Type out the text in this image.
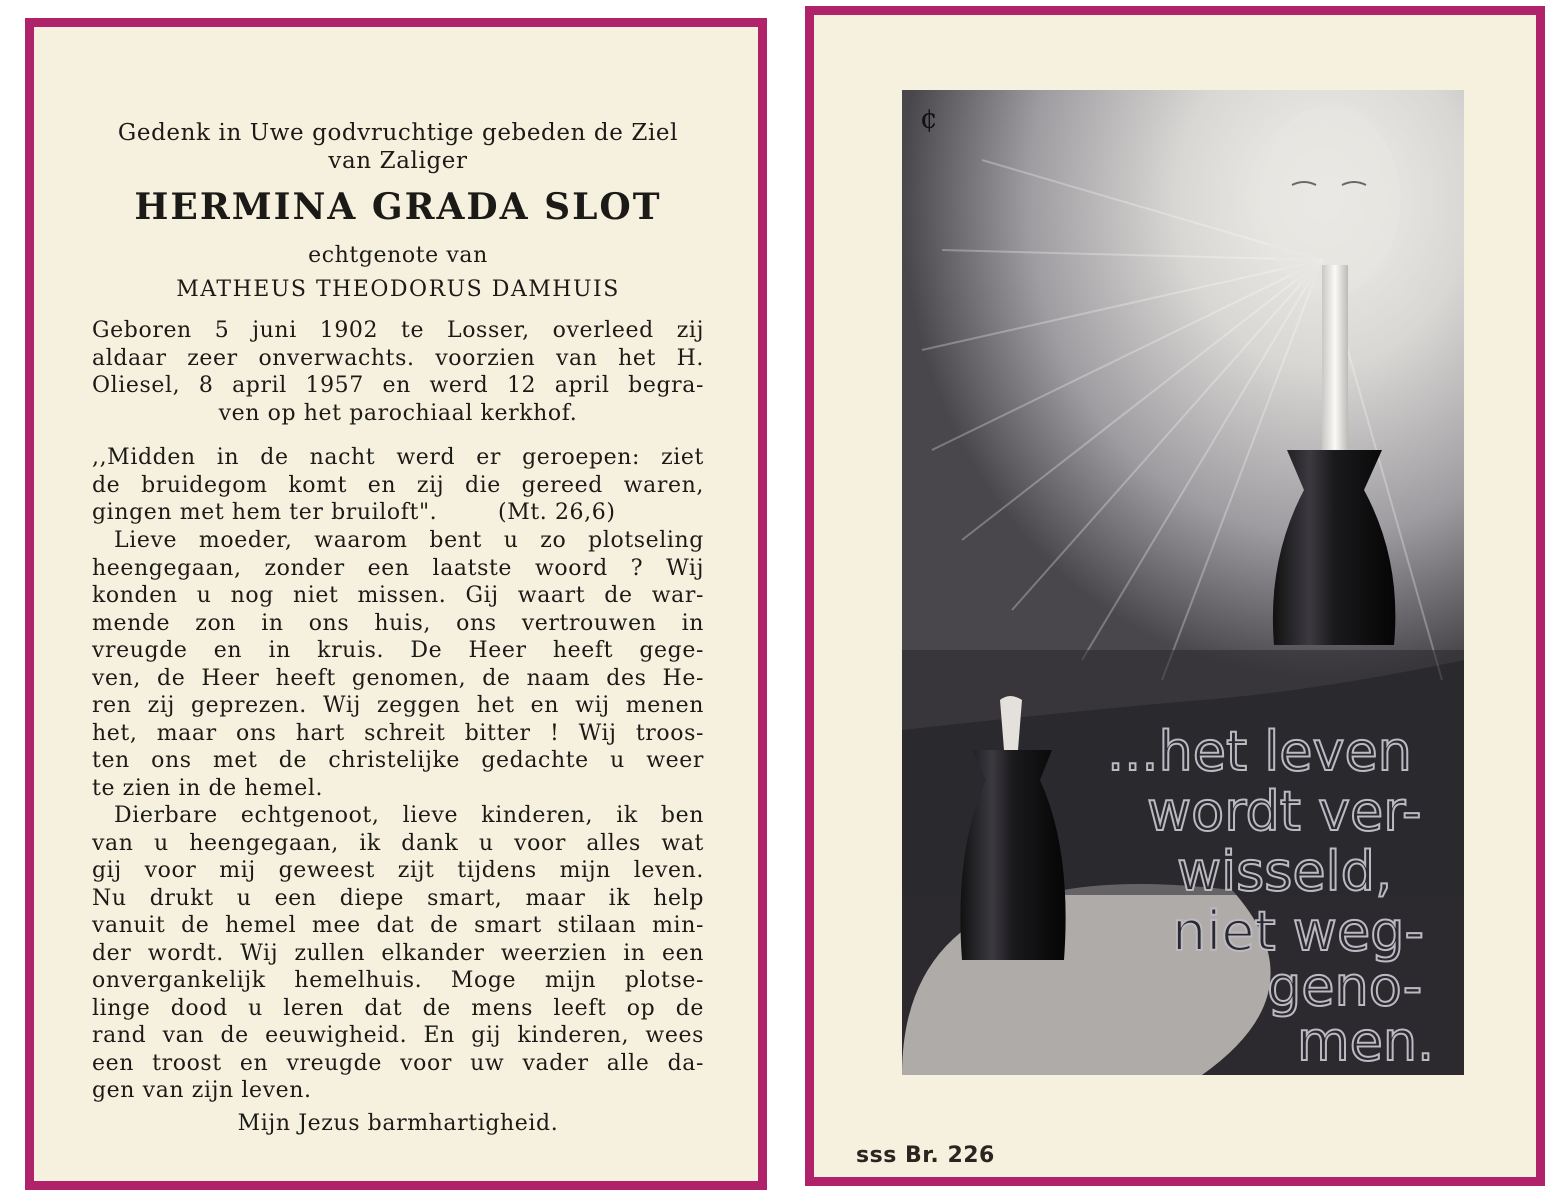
Gedenk in Uwe godvruchtige gebeden de Ziel
van Zaliger
HERMINA GRADA SLOT
echtgenote van
MATHEUS THEODORUS DAMHUIS
Geboren 5 juni 1902 te Losser, overleed zij
aldaar zeer onverwachts. voorzien van het H.
Oliesel, 8 april 1957 en werd 12 april begra-
ven op het parochiaal kerkhof.
,,Midden in de nacht werd er geroepen: ziet
de bruidegom komt en zij die gereed waren,
gingen met hem ter bruiloft".        (Mt. 26,6)
Lieve moeder, waarom bent u zo plotseling
heengegaan, zonder een laatste woord ? Wij
konden u nog niet missen. Gij waart de war-
mende zon in ons huis, ons vertrouwen in
vreugde en in kruis. De Heer heeft gege-
ven, de Heer heeft genomen, de naam des He-
ren zij geprezen. Wij zeggen het en wij menen
het, maar ons hart schreit bitter ! Wij troos-
ten ons met de christelijke gedachte u weer
te zien in de hemel.
Dierbare echtgenoot, lieve kinderen, ik ben
van u heengegaan, ik dank u voor alles wat
gij voor mij geweest zijt tijdens mijn leven.
Nu drukt u een diepe smart, maar ik help
vanuit de hemel mee dat de smart stilaan min-
der wordt. Wij zullen elkander weerzien in een
onvergankelijk hemelhuis. Moge mijn plotse-
linge dood u leren dat de mens leeft op de
rand van de eeuwigheid. En gij kinderen, wees
een troost en vreugde voor uw vader alle da-
gen van zijn leven.
Mijn Jezus barmhartigheid.
...het leven
wordt ver-
wisseld,
niet weg-
geno-
men.
¢
sss Br. 226
